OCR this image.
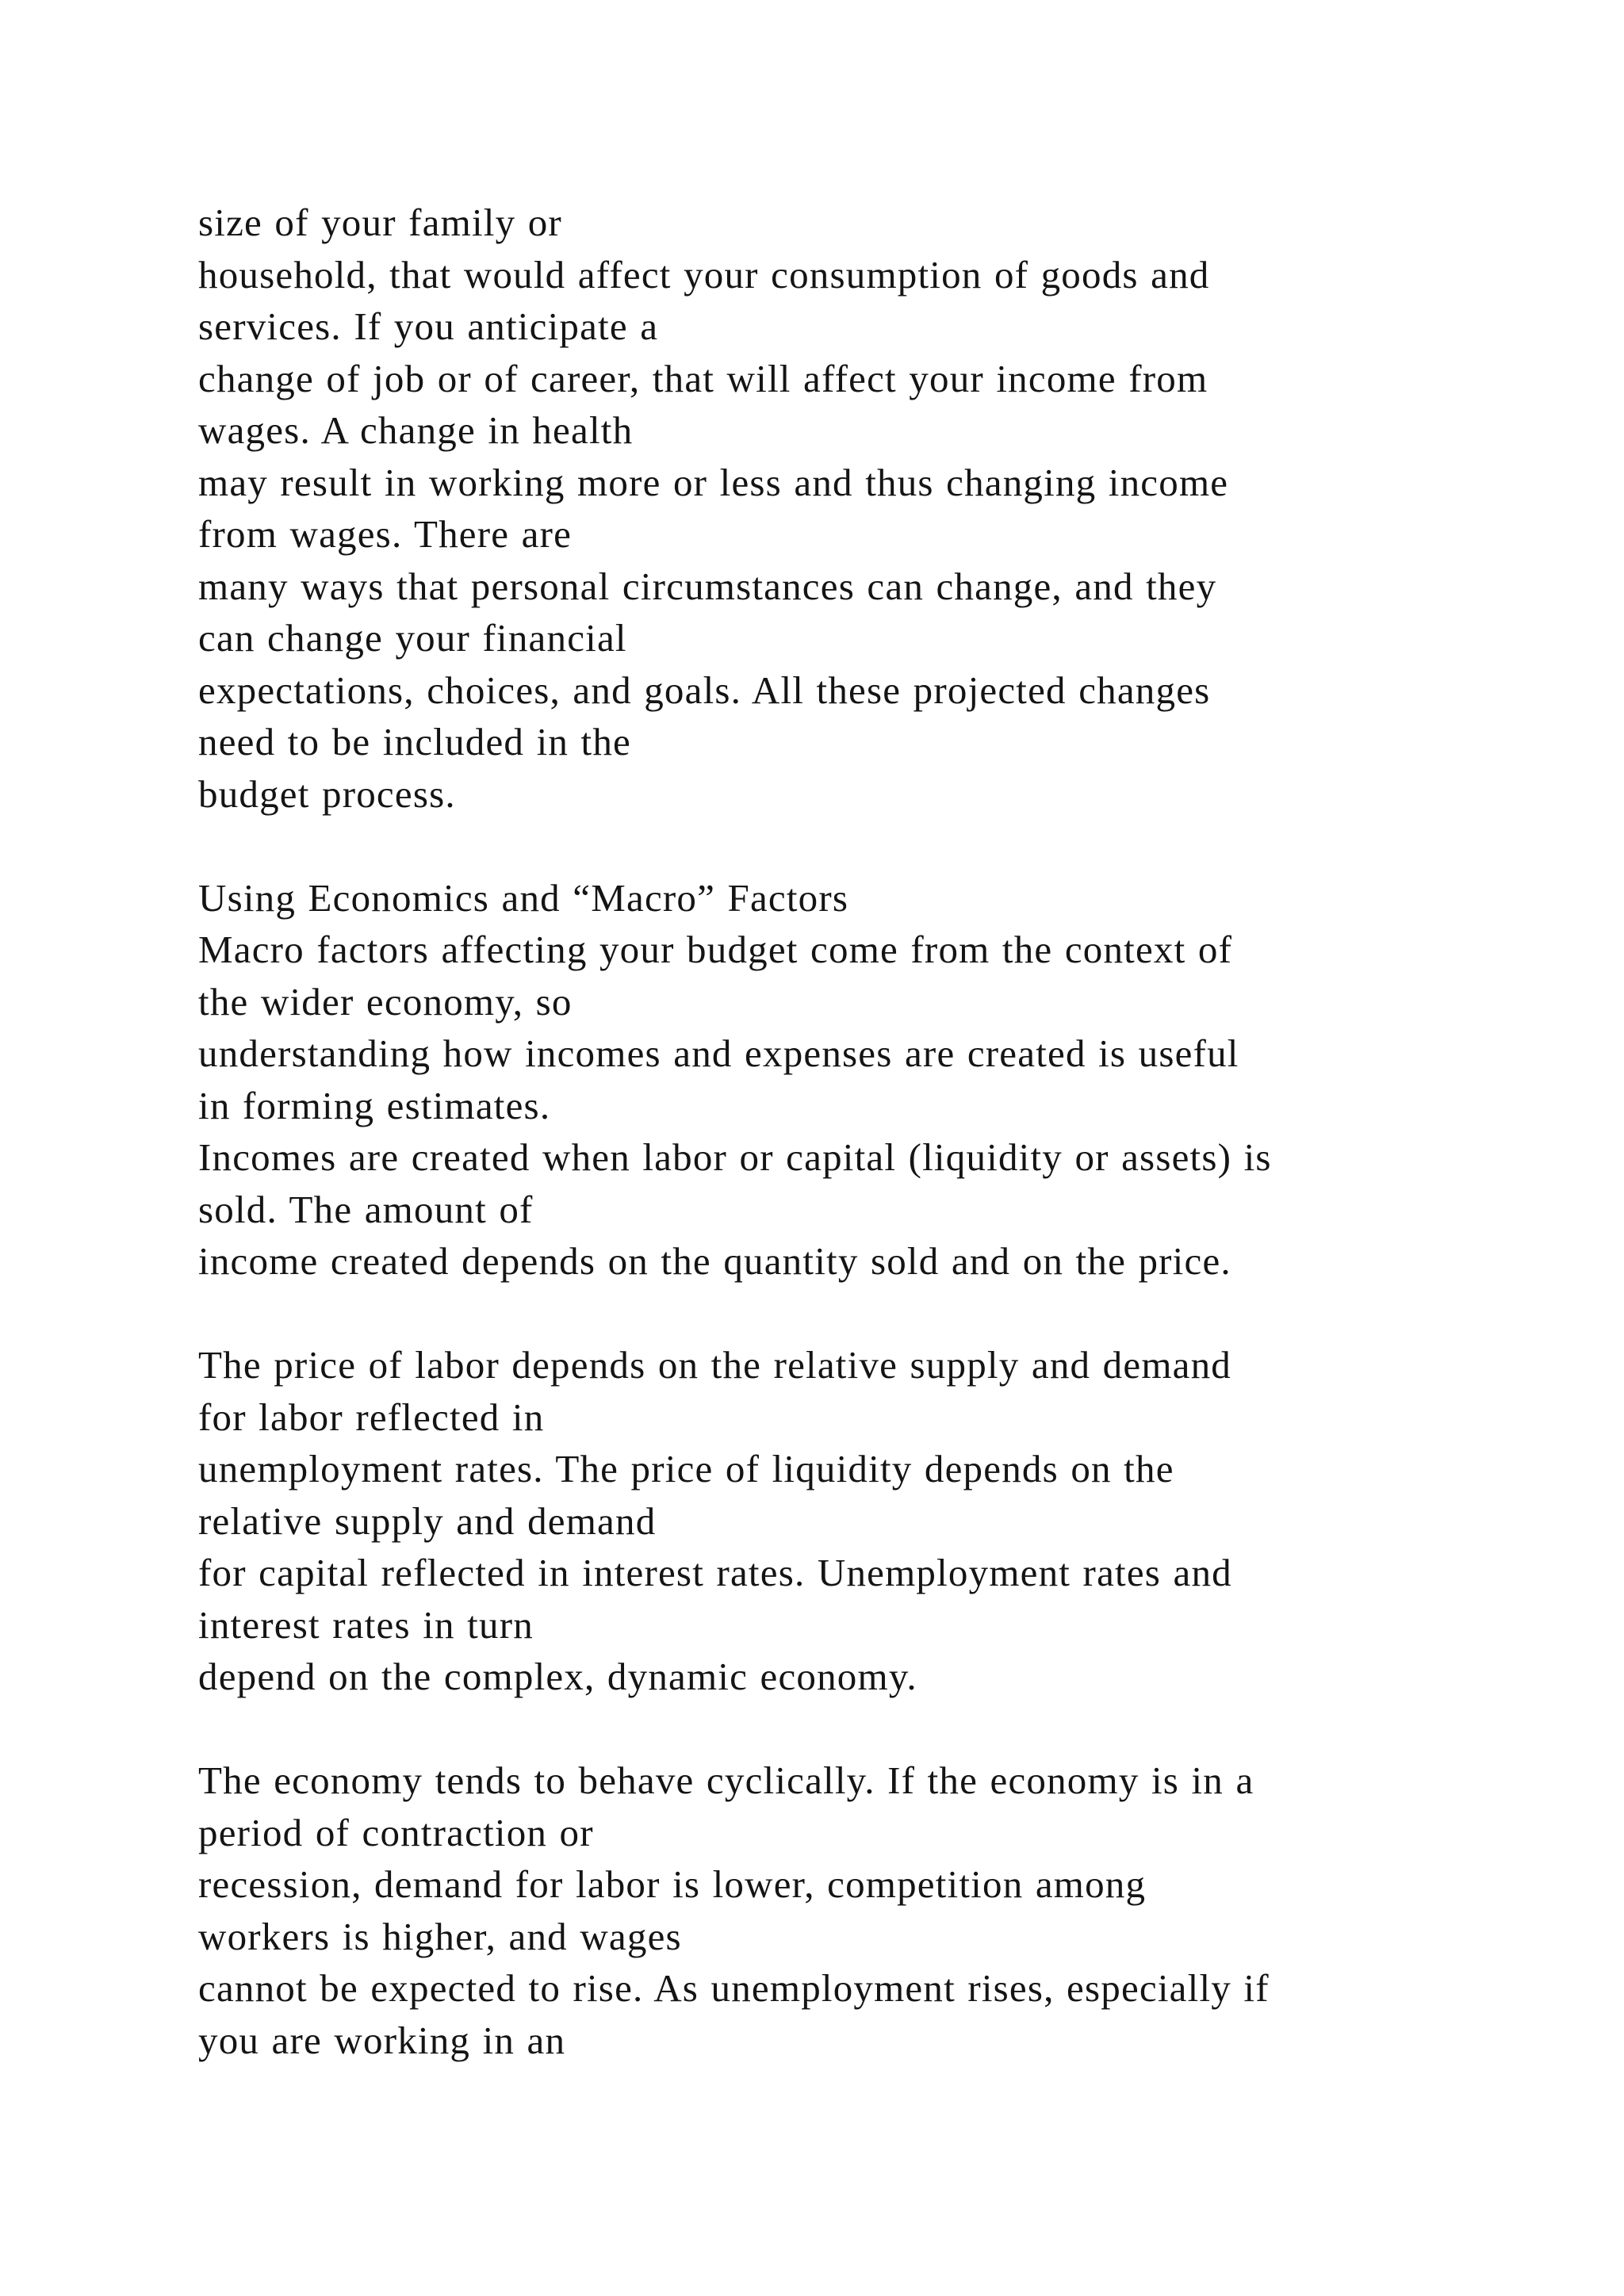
size of your family or
household, that would affect your consumption of goods and
services. If you anticipate a
change of job or of career, that will affect your income from
wages. A change in health
may result in working more or less and thus changing income
from wages. There are
many ways that personal circumstances can change, and they
can change your financial
expectations, choices, and goals. All these projected changes
need to be included in the
budget process.
Using Economics and “Macro” Factors
Macro factors affecting your budget come from the context of
the wider economy, so
understanding how incomes and expenses are created is useful
in forming estimates.
Incomes are created when labor or capital (liquidity or assets) is
sold. The amount of
income created depends on the quantity sold and on the price.
The price of labor depends on the relative supply and demand
for labor reflected in
unemployment rates. The price of liquidity depends on the
relative supply and demand
for capital reflected in interest rates. Unemployment rates and
interest rates in turn
depend on the complex, dynamic economy.
The economy tends to behave cyclically. If the economy is in a
period of contraction or
recession, demand for labor is lower, competition among
workers is higher, and wages
cannot be expected to rise. As unemployment rises, especially if
you are working in an
